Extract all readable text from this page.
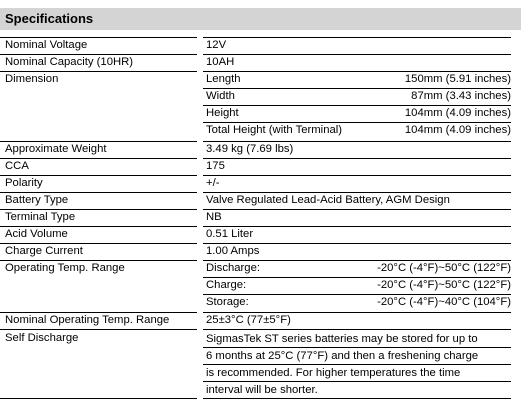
Specifications
Nominal Voltage	12V
Nominal Capacity (10HR)	10AH
Dimension	Length	150mm (5.91 inches)
Width	87mm (3.43 inches)
Height	104mm (4.09 inches)
Total Height (with Terminal)	104mm (4.09 inches)
Approximate Weight	3.49 kg (7.69 lbs)
CCA	175
Polarity	+/-
Battery Type	Valve Regulated Lead-Acid Battery, AGM Design
Terminal Type	NB
Acid Volume	0.51 Liter
Charge Current	1.00 Amps
Operating Temp. Range	Discharge:	-20°C (-4°F)~50°C (122°F)
Charge:	-20°C (-4°F)~50°C (122°F)
Storage:	-20°C (-4°F)~40°C (104°F)
Nominal Operating Temp. Range	25±3°C (77±5°F)
Self Discharge	SigmasTek ST series batteries may be stored for up to
6 months at 25°C (77°F) and then a freshening charge
is recommended. For higher temperatures the time
interval will be shorter.
